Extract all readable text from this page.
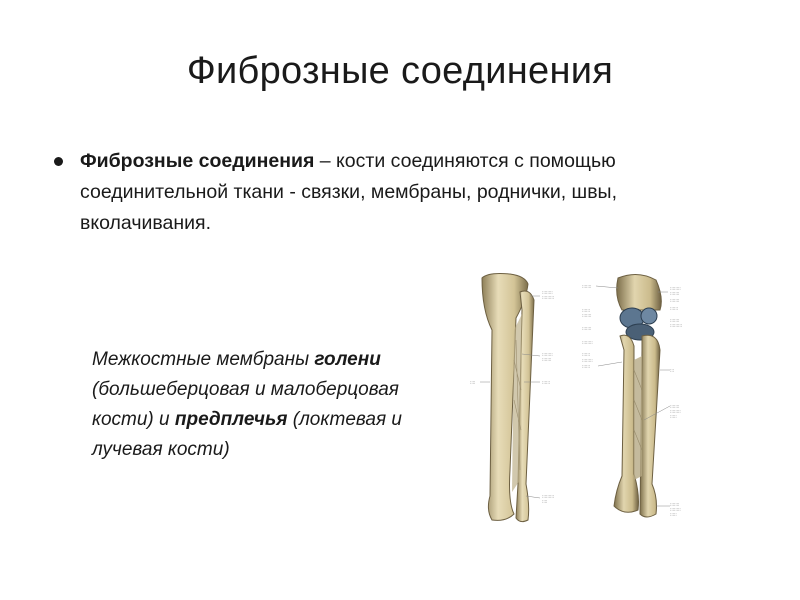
Фиброзные соединения
Фиброзные соединения – кости соединяются с помощью соединительной ткани - связки, мембраны, роднички, швы, вколачивания.
Межкостные мембраны голени (большеберцовая и малоберцовая кости) и предплечья (локтевая и лучевая кости)
::::::::
:::::::::
::::::::
:::::::
::::::
::::
:::::::::
::::
:::::::
::::::
:::::::
:::::::
::::::::
::::::
::::::::
::::::
::::::::
:::::::
:::::::
::::::
:::::::
:::::::::
:::
:::::::
::::::::
:::::
:::::::
::::::::
:::::
